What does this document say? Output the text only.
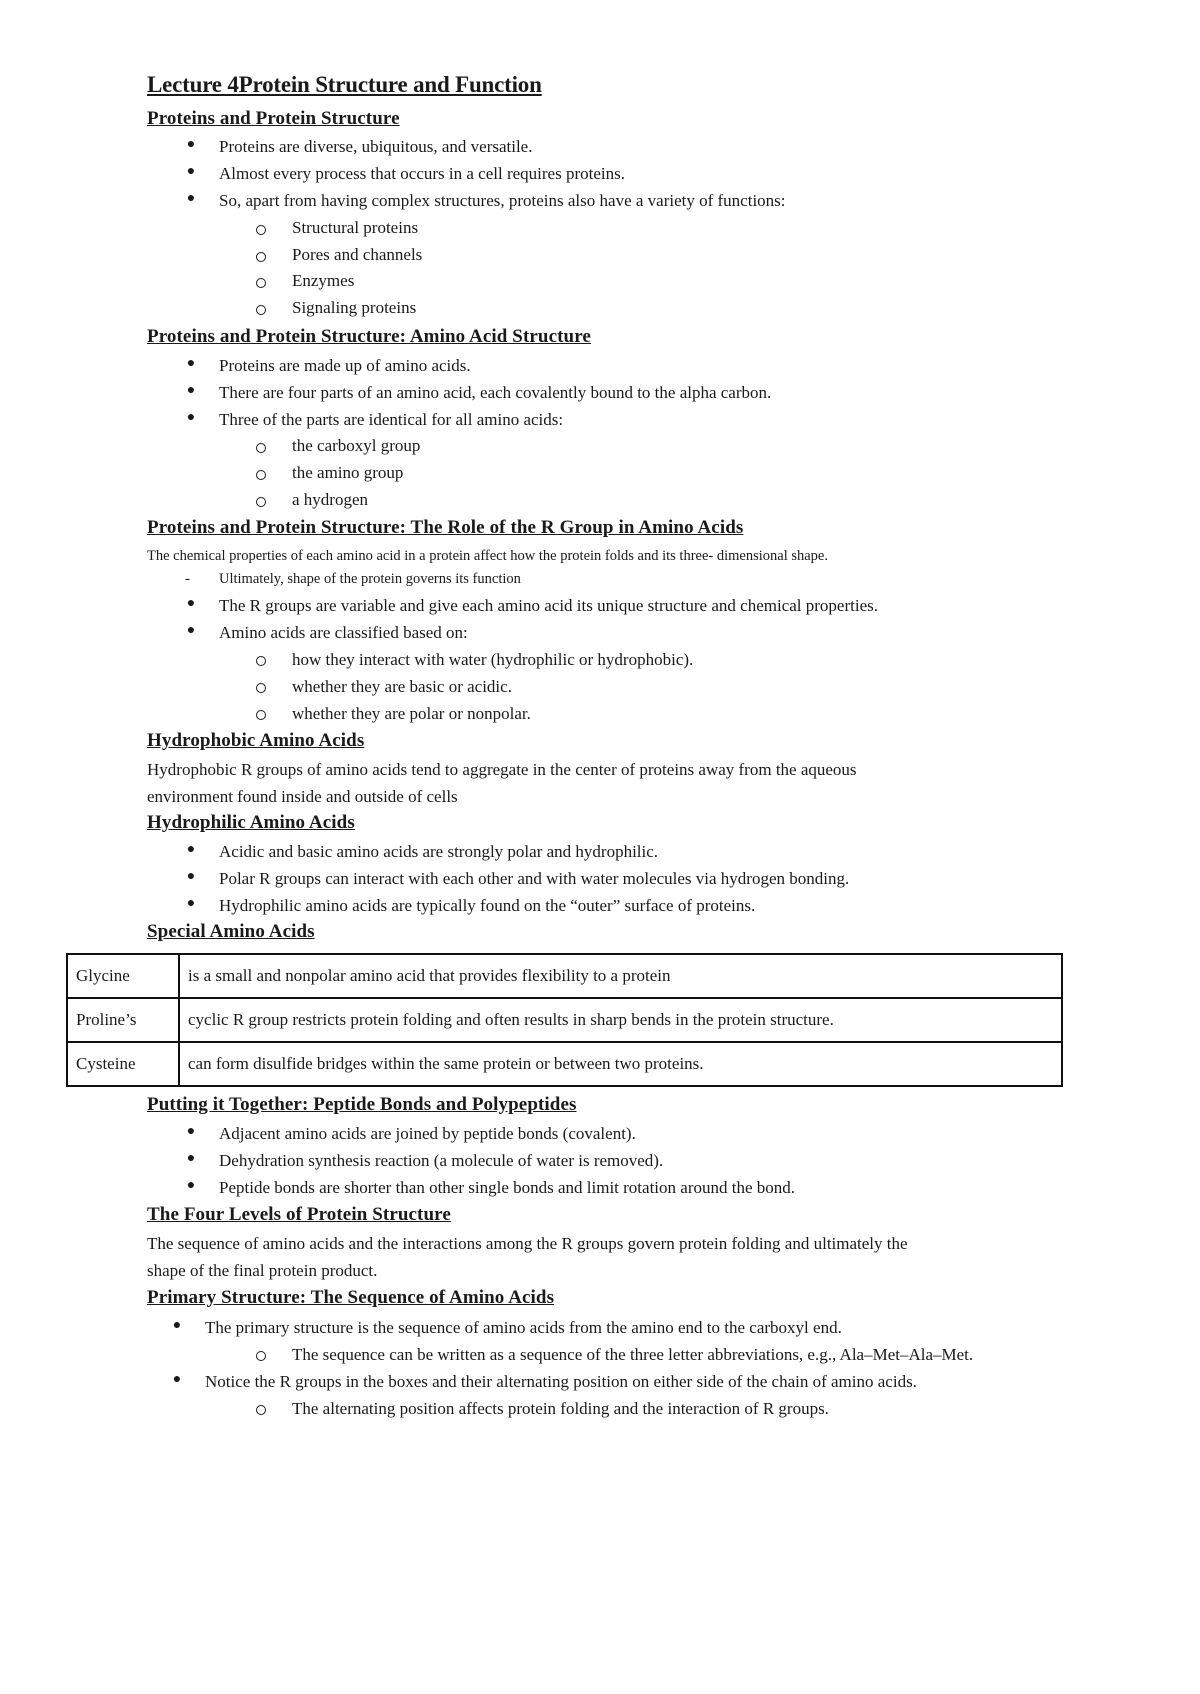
Lecture 4Protein Structure and Function
Proteins and Protein Structure
● Proteins are diverse, ubiquitous, and versatile.

● Almost every process that occurs in a cell requires proteins.

● So, apart from having complex structures, proteins also have a variety of functions:

Structural proteins

Pores and channels

Enzymes

Signaling proteins

Proteins and Protein Structure: Amino Acid Structure
● Proteins are made up of amino acids.

● There are four parts of an amino acid, each covalently bound to the alpha carbon.

● Three of the parts are identical for all amino acids:

the carboxyl group

the amino group

a hydrogen

Proteins and Protein Structure: The Role of the R Group in Amino Acids

The chemical properties of each amino acid in a protein affect how the protein folds and its three- dimensional shape.

- Ultimately, shape of the protein governs its function

● The R groups are variable and give each amino acid its unique structure and chemical properties.

● Amino acids are classified based on:

how they interact with water (hydrophilic or hydrophobic).

whether they are basic or acidic.

whether they are polar or nonpolar.

Hydrophobic Amino Acids

Hydrophobic R groups of amino acids tend to aggregate in the center of proteins away from the aqueous

environment found inside and outside of cells

Hydrophilic Amino Acids
● Acidic and basic amino acids are strongly polar and hydrophilic.

● Polar R groups can interact with each other and with water molecules via hydrogen bonding.

● Hydrophilic amino acids are typically found on the “outer” surface of proteins.

Special Amino Acids
Glycine	is a small and nonpolar amino acid that provides flexibility to a protein
Proline’s	cyclic R group restricts protein folding and often results in sharp bends in the protein structure.
Cysteine	can form disulfide bridges within the same protein or between two proteins.
Putting it Together: Peptide Bonds and Polypeptides
● Adjacent amino acids are joined by peptide bonds (covalent).

● Dehydration synthesis reaction (a molecule of water is removed).

● Peptide bonds are shorter than other single bonds and limit rotation around the bond.

The Four Levels of Protein Structure

The sequence of amino acids and the interactions among the R groups govern protein folding and ultimately the

shape of the final protein product.

Primary Structure: The Sequence of Amino Acids
● The primary structure is the sequence of amino acids from the amino end to the carboxyl end.

The sequence can be written as a sequence of the three letter abbreviations, e.g., Ala–Met–Ala–Met.

● Notice the R groups in the boxes and their alternating position on either side of the chain of amino acids.

The alternating position affects protein folding and the interaction of R groups.
